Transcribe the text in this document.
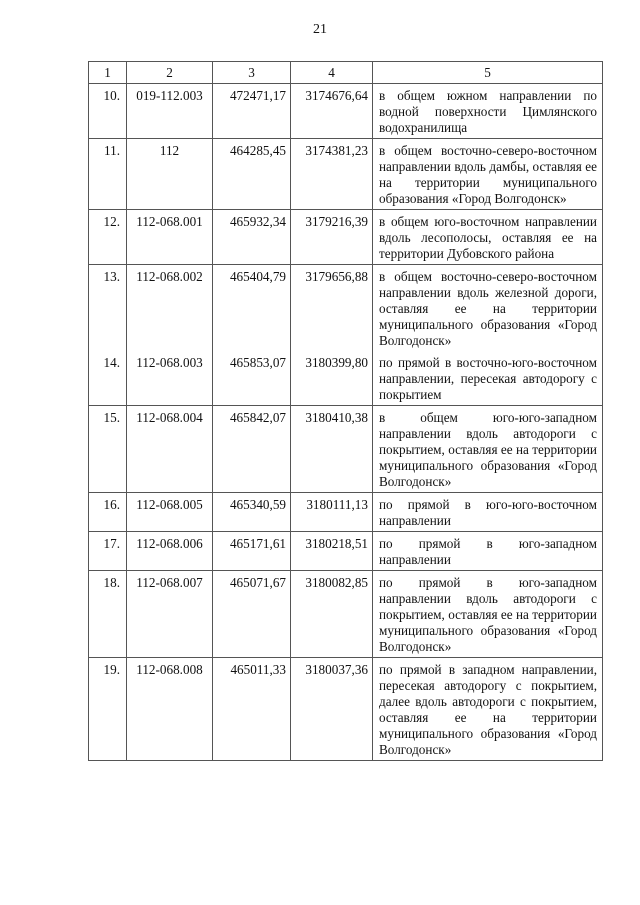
21
1	2	3	4	5
10.	019-112.003	472471,17	3174676,64	в общем южном направлении по водной поверхности Цимлянского водохранилища
11.	112	464285,45	3174381,23	в общем восточно-северо-восточном направлении вдоль дамбы, оставляя ее на территории муниципального образования «Город Волгодонск»
12.	112-068.001	465932,34	3179216,39	в общем юго-восточном направлении вдоль лесополосы, оставляя ее на территории Дубовского района
13.	112-068.002	465404,79	3179656,88	в общем восточно-северо-восточном направлении вдоль железной дороги, оставляя ее на территории муниципального образования «Город Волгодонск»
14.	112-068.003	465853,07	3180399,80	по прямой в восточно-юго-восточном направлении, пересекая автодорогу с покрытием
15.	112-068.004	465842,07	3180410,38	в общем юго-юго-западном направлении вдоль автодороги с покрытием, оставляя ее на территории муниципального образования «Город Волгодонск»
16.	112-068.005	465340,59	3180111,13	по прямой в юго-юго-восточном направлении
17.	112-068.006	465171,61	3180218,51	по прямой в юго-западном направлении
18.	112-068.007	465071,67	3180082,85	по прямой в юго-западном направлении вдоль автодороги с покрытием, оставляя ее на территории муниципального образования «Город Волгодонск»
19.	112-068.008	465011,33	3180037,36	по прямой в западном направлении, пересекая автодорогу с покрытием, далее вдоль автодороги с покрытием, оставляя ее на территории муниципального образования «Город Волгодонск»
